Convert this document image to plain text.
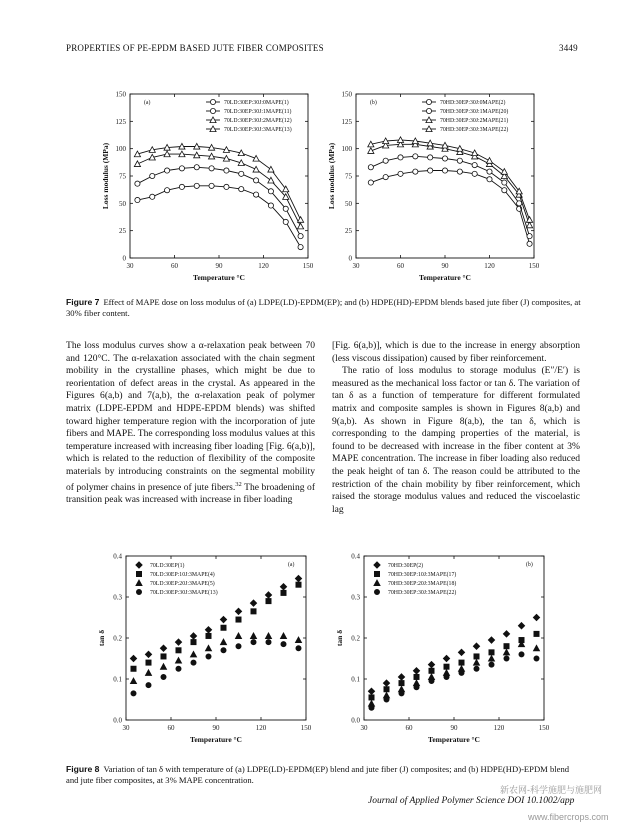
PROPERTIES OF PE-EPDM BASED JUTE FIBER COMPOSITES	3449
150
125
100
75
50
25
0
30	60	90	120	150
Temperature °C
Loss modulus (MPa)
(a)	70LD:30EP:30J:0MAPE(1)
70LD:30EP:30J:1MAPE(11)
70LD:30EP:30J:2MAPE(12)
70LD:30EP:30J:3MAPE(13)
150
125
100
75
50
25
0
30	60	90	120	150
Temperature °C
Loss modulus (MPa)
(b)	70HD:30EP:30J:0MAPE(2)
70HD:30EP:30J:1MAPE(20)
70HD:30EP:30J:2MAPE(21)
70HD:30EP:30J:3MAPE(22)
Figure 7 Effect of MAPE dose on loss modulus of (a) LDPE(LD)-EPDM(EP); and (b) HDPE(HD)-EPDM blends based jute fiber (J) composites, at 30% fiber content.

The loss modulus curves show a α-relaxation peak between 70 and 120°C. The α-relaxation associated with the chain segment mobility in the crystalline phases, which might be due to reorientation of defect areas in the crystal. As appeared in the Figures 6(a,b) and 7(a,b), the α-relaxation peak of polymer matrix (LDPE-EPDM and HDPE-EPDM blends) was shifted toward higher temperature region with the incorporation of jute fibers and MAPE. The corresponding loss modulus values at this temperature increased with increasing fiber loading [Fig. 6(a,b)], which is related to the reduction of flexibility of the composite materials by introducing constraints on the segmental mobility of polymer chains in presence of jute fibers.$^{32}$ The broadening of transition peak was increased with increase in fiber loading

[Fig. 6(a,b)], which is due to the increase in energy absorption (less viscous dissipation) caused by fiber reinforcement.

The ratio of loss modulus to storage modulus (E″/E′) is measured as the mechanical loss factor or tan δ. The variation of tan δ as a function of temperature for different formulated matrix and composite samples is shown in Figures 8(a,b) and 9(a,b). As shown in Figure 8(a,b), the tan δ, which is corresponding to the damping properties of the material, is found to be decreased with increase in the fiber content at 3% MAPE concentration. The increase in fiber loading also reduced the peak height of tan δ. The reason could be attributed to the restriction of the chain mobility by fiber reinforcement, which raised the storage modulus values and reduced the viscoelastic lag

0.4
0.3
0.2
0.1
0.0
30	60	90	120	150
Temperature °C
tan δ
(a)
70LD:30EP(1)
70LD:30EP:10J:3MAPE(4)
70LD:30EP:20J:3MAPE(5)
70LD:30EP:30J:3MAPE(13)
0.4
0.3
0.2
0.1
0.0
30	60	90	120	150
Temperature °C
tan δ
(b)
70HD:30EP(2)
70HD:30EP:10J:3MAPE(17)
70HD:30EP:20J:3MAPE(18)
70HD:30EP:30J:3MAPE(22)
Figure 8 Variation of tan δ with temperature of (a) LDPE(LD)-EPDM(EP) blend and jute fiber (J) composites; and (b) HDPE(HD)-EPDM blend and jute fiber composites, at 3% MAPE concentration.
Journal of Applied Polymer Science DOI 10.1002/app
新农网-科学施肥与施肥网
www.fibercrops.com
